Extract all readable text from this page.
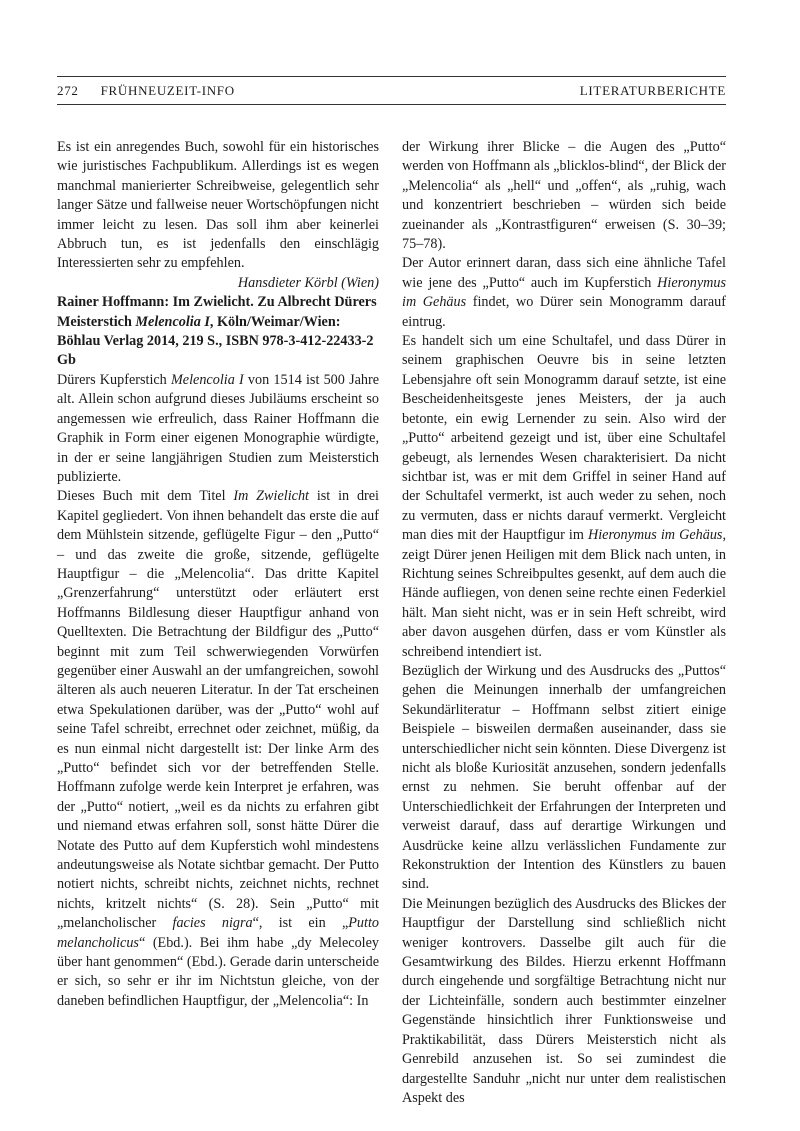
272 FRÜHNEUZEIT-INFO	LITERATURBERICHTE

Es ist ein anregendes Buch, sowohl für ein historisches wie juristisches Fachpublikum. Allerdings ist es wegen manchmal manierierter Schreibweise, gelegentlich sehr langer Sätze und fallweise neuer Wortschöpfungen nicht immer leicht zu lesen. Das soll ihm aber keinerlei Abbruch tun, es ist jedenfalls den einschlägig Interessierten sehr zu empfehlen.

Hansdieter Körbl (Wien)

Rainer Hoffmann: Im Zwielicht. Zu Albrecht Dürers Meisterstich Melencolia I, Köln/Weimar/Wien: Böhlau Verlag 2014, 219 S., ISBN 978-3-412-22433-2 Gb

Dürers Kupferstich Melencolia I von 1514 ist 500 Jahre alt. Allein schon aufgrund dieses Jubiläums erscheint so angemessen wie erfreulich, dass Rainer Hoffmann die Graphik in Form einer eigenen Monographie würdigte, in der er seine langjährigen Studien zum Meisterstich publizierte.

Dieses Buch mit dem Titel Im Zwielicht ist in drei Kapitel gegliedert. Von ihnen behandelt das erste die auf dem Mühlstein sitzende, geflügelte Figur – den „Putto“ – und das zweite die große, sitzende, geflügelte Hauptfigur – die „Melencolia“. Das dritte Kapitel „Grenzerfahrung“ unterstützt oder erläutert erst Hoffmanns Bildlesung dieser Hauptfigur anhand von Quelltexten. Die Betrachtung der Bildfigur des „Putto“ beginnt mit zum Teil schwerwiegenden Vorwürfen gegenüber einer Auswahl an der umfangreichen, sowohl älteren als auch neueren Literatur. In der Tat erscheinen etwa Spekulationen darüber, was der „Putto“ wohl auf seine Tafel schreibt, errechnet oder zeichnet, müßig, da es nun einmal nicht dargestellt ist: Der linke Arm des „Putto“ befindet sich vor der betreffenden Stelle. Hoffmann zufolge werde kein Interpret je erfahren, was der „Putto“ notiert, „weil es da nichts zu erfahren gibt und niemand etwas erfahren soll, sonst hätte Dürer die Notate des Putto auf dem Kupferstich wohl mindestens andeutungsweise als Notate sichtbar gemacht. Der Putto notiert nichts, schreibt nichts, zeichnet nichts, rechnet nichts, kritzelt nichts“ (S. 28). Sein „Putto“ mit „melancholischer facies nigra“, ist ein „Putto melancholicus“ (Ebd.). Bei ihm habe „dy Melecoley über hant genommen“ (Ebd.). Gerade darin unterscheide er sich, so sehr er ihr im Nichtstun gleiche, von der daneben befindlichen Hauptfigur, der „Melencolia“: In

der Wirkung ihrer Blicke – die Augen des „Putto“ werden von Hoffmann als „blicklos-blind“, der Blick der „Melencolia“ als „hell“ und „offen“, als „ruhig, wach und konzentriert beschrieben – würden sich beide zueinander als „Kontrastfiguren“ erweisen (S. 30–39; 75–78).

Der Autor erinnert daran, dass sich eine ähnliche Tafel wie jene des „Putto“ auch im Kupferstich Hieronymus im Gehäus findet, wo Dürer sein Monogramm darauf eintrug.

Es handelt sich um eine Schultafel, und dass Dürer in seinem graphischen Oeuvre bis in seine letzten Lebensjahre oft sein Monogramm darauf setzte, ist eine Bescheidenheitsgeste jenes Meisters, der ja auch betonte, ein ewig Lernender zu sein. Also wird der „Putto“ arbeitend gezeigt und ist, über eine Schultafel gebeugt, als lernendes Wesen charakterisiert. Da nicht sichtbar ist, was er mit dem Griffel in seiner Hand auf der Schultafel vermerkt, ist auch weder zu sehen, noch zu vermuten, dass er nichts darauf vermerkt. Vergleicht man dies mit der Hauptfigur im Hieronymus im Gehäus, zeigt Dürer jenen Heiligen mit dem Blick nach unten, in Richtung seines Schreibpultes gesenkt, auf dem auch die Hände aufliegen, von denen seine rechte einen Federkiel hält. Man sieht nicht, was er in sein Heft schreibt, wird aber davon ausgehen dürfen, dass er vom Künstler als schreibend intendiert ist.

Bezüglich der Wirkung und des Ausdrucks des „Puttos“ gehen die Meinungen innerhalb der umfangreichen Sekundärliteratur – Hoffmann selbst zitiert einige Beispiele – bisweilen dermaßen auseinander, dass sie unterschiedlicher nicht sein könnten. Diese Divergenz ist nicht als bloße Kuriosität anzusehen, sondern jedenfalls ernst zu nehmen. Sie beruht offenbar auf der Unterschiedlichkeit der Erfahrungen der Interpreten und verweist darauf, dass auf derartige Wirkungen und Ausdrücke keine allzu verlässlichen Fundamente zur Rekonstruktion der Intention des Künstlers zu bauen sind.

Die Meinungen bezüglich des Ausdrucks des Blickes der Hauptfigur der Darstellung sind schließlich nicht weniger kontrovers. Dasselbe gilt auch für die Gesamtwirkung des Bildes. Hierzu erkennt Hoffmann durch eingehende und sorgfältige Betrachtung nicht nur der Lichteinfälle, sondern auch bestimmter einzelner Gegenstände hinsichtlich ihrer Funktionsweise und Praktikabilität, dass Dürers Meisterstich nicht als Genrebild anzusehen ist. So sei zumindest die dargestellte Sanduhr „nicht nur unter dem realistischen Aspekt des
